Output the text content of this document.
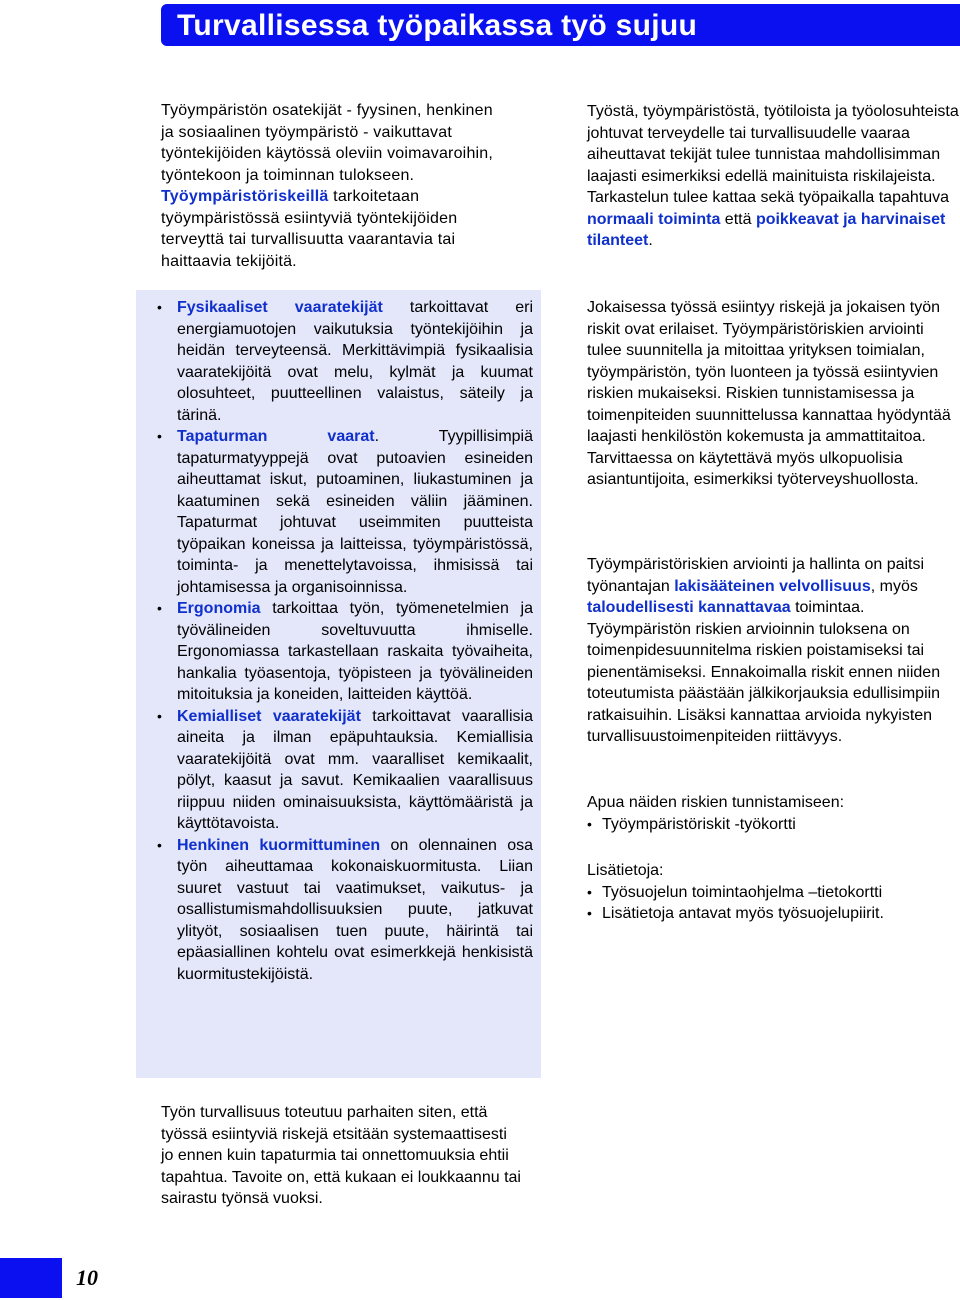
Turvallisessa työpaikassa työ sujuu

Työympäristön osatekijät - fyysinen, henkinen ja sosiaalinen työympäristö - vaikuttavat työntekijöiden käytössä oleviin voimavaroihin, työntekoon ja toiminnan tulokseen. Työympäristöriskeillä tarkoitetaan työympäristössä esiintyviä työntekijöiden terveyttä tai turvallisuutta vaarantavia tai haittaavia tekijöitä.

• Fysikaaliset vaaratekijät tarkoittavat eri energiamuotojen vaikutuksia työntekijöihin ja heidän terveyteensä. Merkittävimpiä fysikaalisia vaaratekijöitä ovat melu, kylmät ja kuumat olosuhteet, puutteellinen valaistus, säteily ja tärinä.
• Tapaturman vaarat. Tyypillisimpiä tapaturmatyyppejä ovat putoavien esineiden aiheuttamat iskut, putoaminen, liukastuminen ja kaatuminen sekä esineiden väliin jääminen. Tapaturmat johtuvat useimmiten puutteista työpaikan koneissa ja laitteissa, työympäristössä, toiminta- ja menettelytavoissa, ihmisissä tai johtamisessa ja organisoinnissa.
• Ergonomia tarkoittaa työn, työmenetelmien ja työvälineiden soveltuvuutta ihmiselle. Ergonomiassa tarkastellaan raskaita työvaiheita, hankalia työasentoja, työpisteen ja työvälineiden mitoituksia ja koneiden, laitteiden käyttöä.
• Kemialliset vaaratekijät tarkoittavat vaarallisia aineita ja ilman epäpuhtauksia. Kemiallisia vaaratekijöitä ovat mm. vaaralliset kemikaalit, pölyt, kaasut ja savut. Kemikaalien vaarallisuus riippuu niiden ominaisuuksista, käyttömääristä ja käyttötavoista.
• Henkinen kuormittuminen on olennainen osa työn aiheuttamaa kokonaiskuormitusta. Liian suuret vastuut tai vaatimukset, vaikutus- ja osallistumismahdollisuuksien puute, jatkuvat ylityöt, sosiaalisen tuen puute, häirintä tai epäasiallinen kohtelu ovat esimerkkejä henkisistä kuormitustekijöistä.

Työn turvallisuus toteutuu parhaiten siten, että työssä esiintyviä riskejä etsitään systemaattisesti jo ennen kuin tapaturmia tai onnettomuuksia ehtii tapahtua. Tavoite on, että kukaan ei loukkaannu tai sairastu työnsä vuoksi.

Työstä, työympäristöstä, työtiloista ja työolosuhteista johtuvat terveydelle tai turvallisuudelle vaaraa aiheuttavat tekijät tulee tunnistaa mahdollisimman laajasti esimerkiksi edellä mainituista riskilajeista. Tarkastelun tulee kattaa sekä työpaikalla tapahtuva normaali toiminta että poikkeavat ja harvinaiset tilanteet.

Jokaisessa työssä esiintyy riskejä ja jokaisen työn riskit ovat erilaiset. Työympäristöriskien arviointi tulee suunnitella ja mitoittaa yrityksen toimialan, työympäristön, työn luonteen ja työssä esiintyvien riskien mukaiseksi. Riskien tunnistamisessa ja toimenpiteiden suunnittelussa kannattaa hyödyntää laajasti henkilöstön kokemusta ja ammattitaitoa. Tarvittaessa on käytettävä myös ulkopuolisia asiantuntijoita, esimerkiksi työterveyshuollosta.

Työympäristöriskien arviointi ja hallinta on paitsi työnantajan lakisääteinen velvollisuus, myös taloudellisesti kannattavaa toimintaa. Työympäristön riskien arvioinnin tuloksena on toimenpidesuunnitelma riskien poistamiseksi tai pienentämiseksi. Ennakoimalla riskit ennen niiden toteutumista päästään jälkikorjauksia edullisimpiin ratkaisuihin. Lisäksi kannattaa arvioida nykyisten turvallisuustoimenpiteiden riittävyys.

Apua näiden riskien tunnistamiseen:

• Työympäristöriskit -työkortti

Lisätietoja:

• Työsuojelun toimintaohjelma –tietokortti
• Lisätietoja antavat myös työsuojelupiirit.
10
